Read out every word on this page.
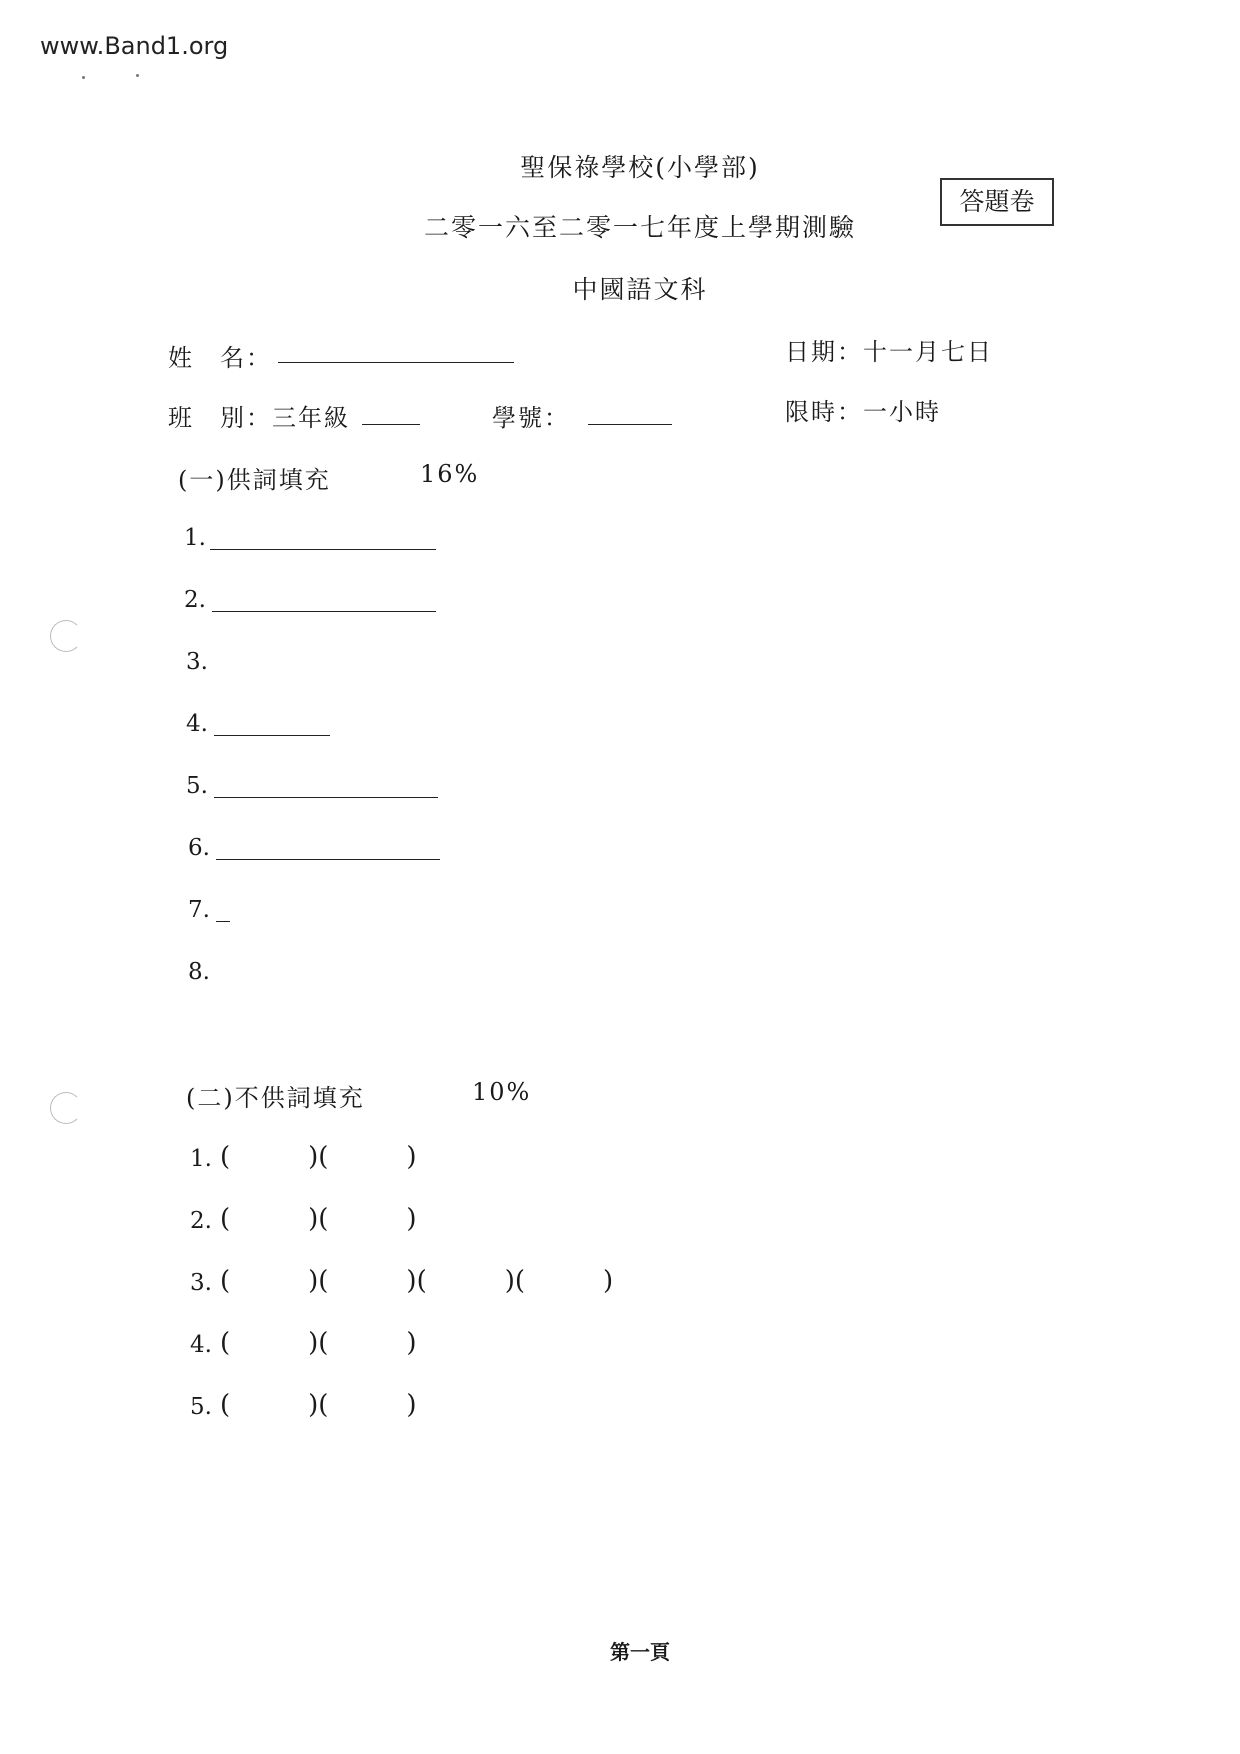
www.Band1.org
聖保祿學校(小學部)
二零一六至二零一七年度上學期測驗
中國語文科
答題卷
姓　名：	日期：十一月七日
班　別：三年級	學號：	限時：一小時
(一)供詞填充	16%
1.
2.
3.
4.
5.
6.
7.
8.
(二)不供詞填充	10%
1. (   )(   )
2. (   )(   )
3. (   )(   )(   )(   )
4. (   )(   )
5. (   )(   )
第一頁
